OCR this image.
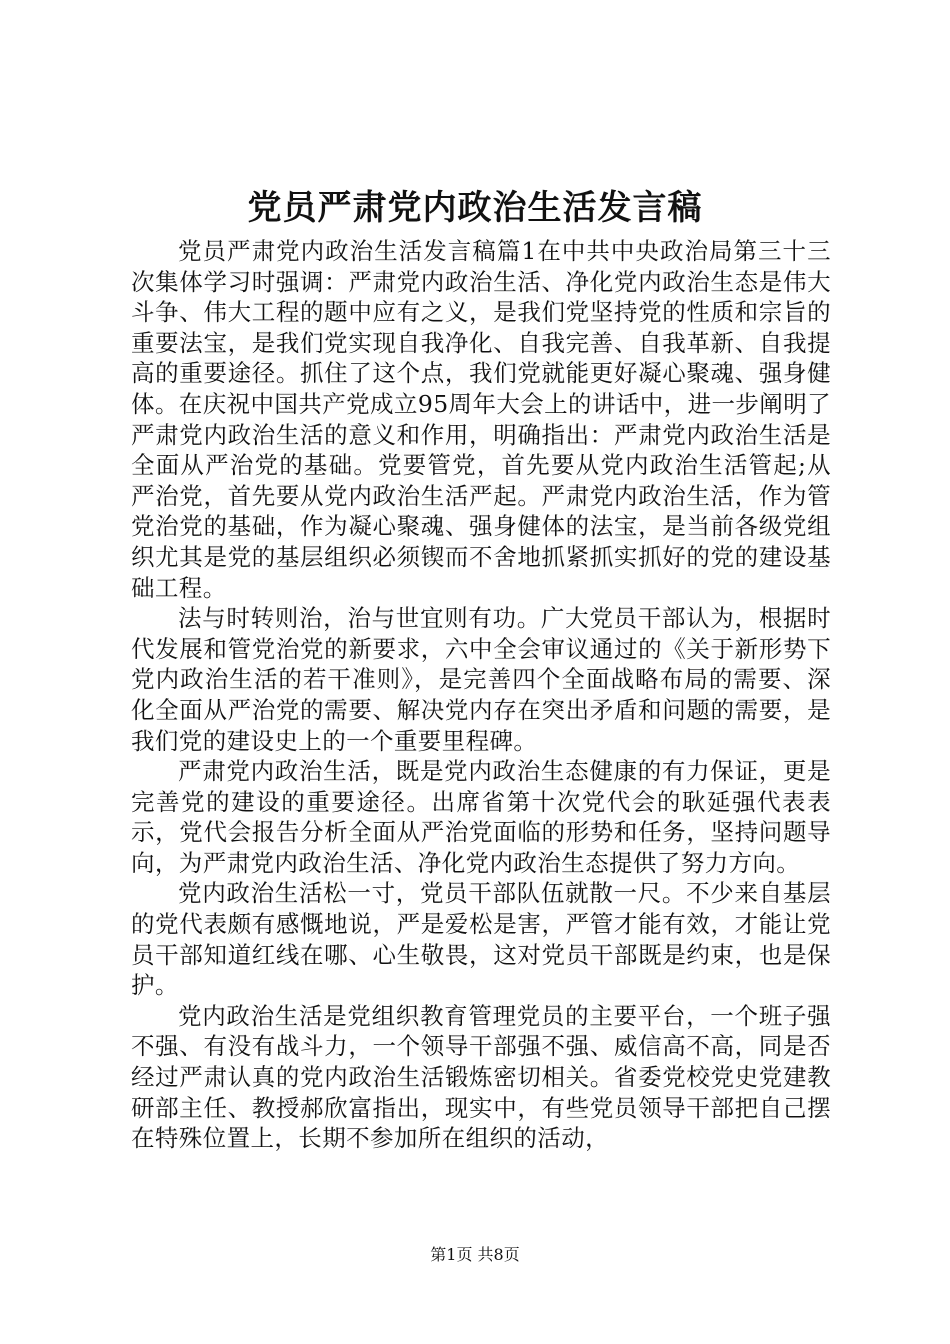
党员严肃党内政治生活发言稿

党员严肃党内政治生活发言稿篇1在中共中央政治局第三十三次集体学习时强调：严肃党内政治生活、净化党内政治生态是伟大斗争、伟大工程的题中应有之义，是我们党坚持党的性质和宗旨的重要法宝，是我们党实现自我净化、自我完善、自我革新、自我提高的重要途径。抓住了这个点，我们党就能更好凝心聚魂、强身健体。在庆祝中国共产党成立95周年大会上的讲话中，进一步阐明了严肃党内政治生活的意义和作用，明确指出：严肃党内政治生活是全面从严治党的基础。党要管党，首先要从党内政治生活管起;从严治党，首先要从党内政治生活严起。严肃党内政治生活，作为管党治党的基础，作为凝心聚魂、强身健体的法宝，是当前各级党组织尤其是党的基层组织必须锲而不舍地抓紧抓实抓好的党的建设基础工程。

法与时转则治，治与世宜则有功。广大党员干部认为，根据时代发展和管党治党的新要求，六中全会审议通过的《关于新形势下党内政治生活的若干准则》，是完善四个全面战略布局的需要、深化全面从严治党的需要、解决党内存在突出矛盾和问题的需要，是我们党的建设史上的一个重要里程碑。

严肃党内政治生活，既是党内政治生态健康的有力保证，更是完善党的建设的重要途径。出席省第十次党代会的耿延强代表表示，党代会报告分析全面从严治党面临的形势和任务，坚持问题导向，为严肃党内政治生活、净化党内政治生态提供了努力方向。

党内政治生活松一寸，党员干部队伍就散一尺。不少来自基层的党代表颇有感慨地说，严是爱松是害，严管才能有效，才能让党员干部知道红线在哪、心生敬畏，这对党员干部既是约束，也是保护。

党内政治生活是党组织教育管理党员的主要平台，一个班子强不强、有没有战斗力，一个领导干部强不强、威信高不高，同是否经过严肃认真的党内政治生活锻炼密切相关。省委党校党史党建教研部主任、教授郝欣富指出，现实中，有些党员领导干部把自己摆在特殊位置上，长期不参加所在组织的活动，

第1页 共8页
